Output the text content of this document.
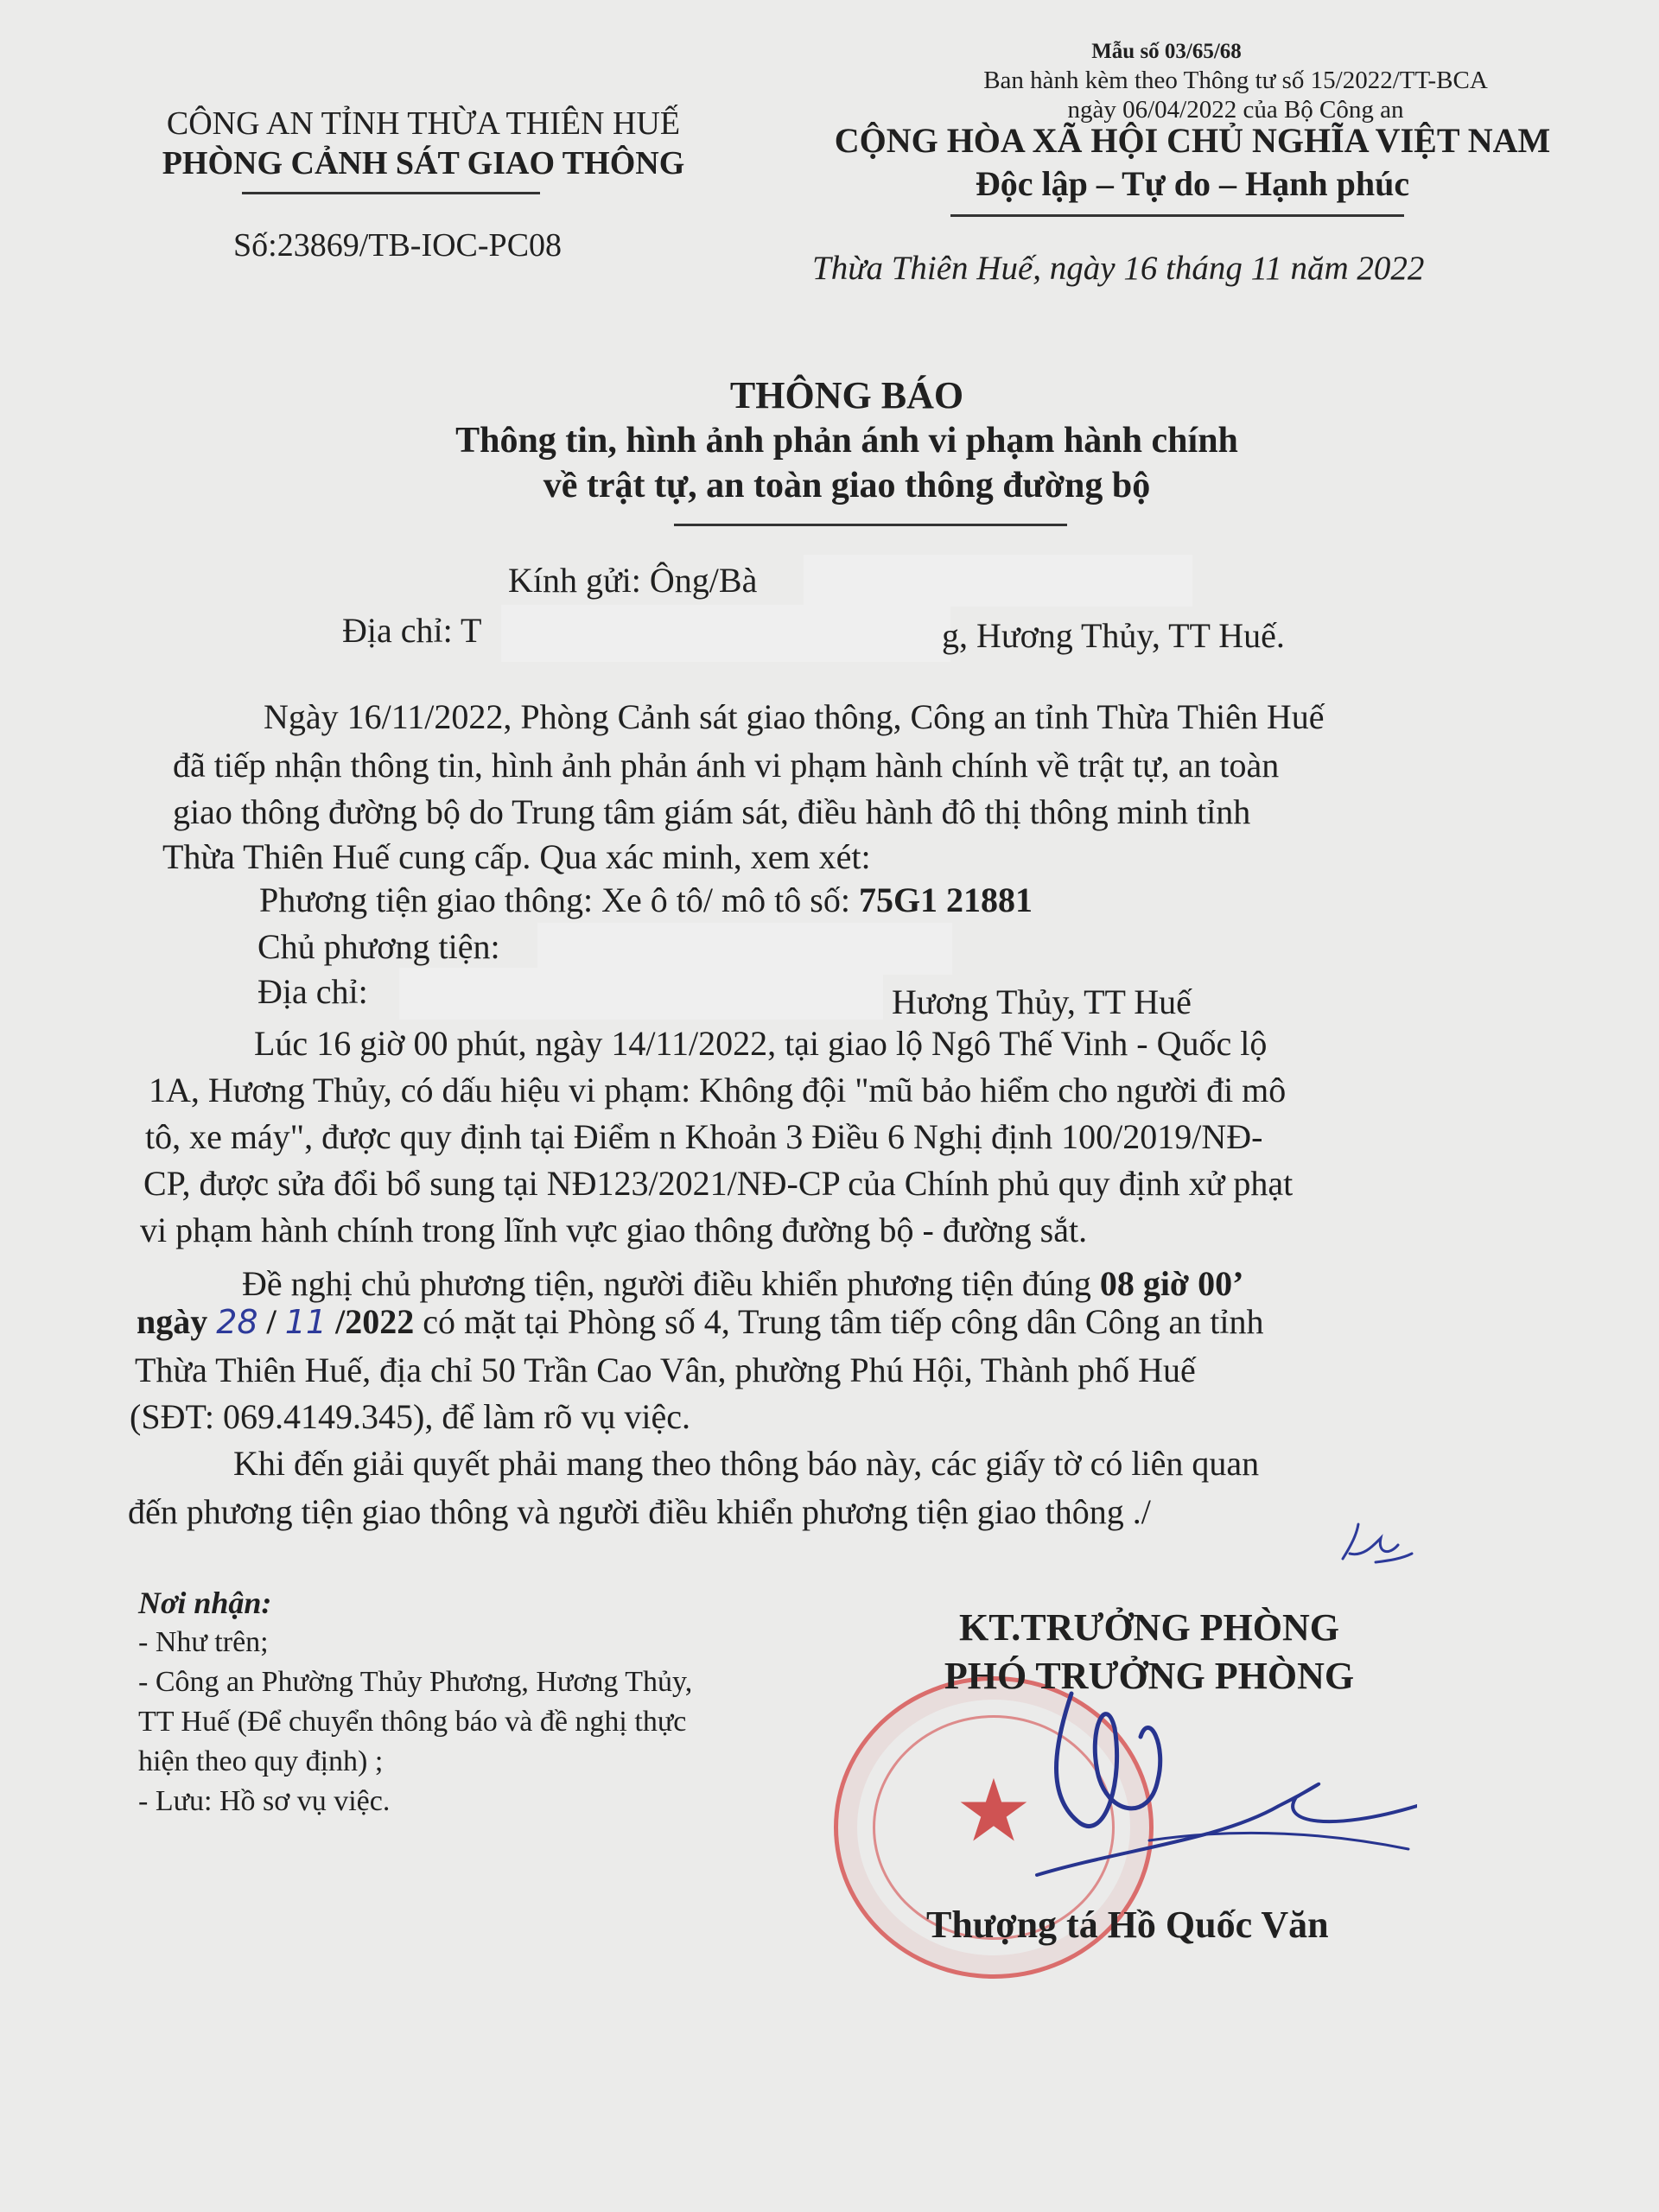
Mẫu số 03/65/68
Ban hành kèm theo Thông tư số 15/2022/TT-BCA
ngày 06/04/2022 của Bộ Công an
CÔNG AN TỈNH THỪA THIÊN HUẾ
PHÒNG CẢNH SÁT GIAO THÔNG
CỘNG HÒA XÃ HỘI CHỦ NGHĨA VIỆT NAM
Độc lập – Tự do – Hạnh phúc
Số:23869/TB-IOC-PC08
Thừa Thiên Huế, ngày 16 tháng 11 năm 2022
THÔNG BÁO
Thông tin, hình ảnh phản ánh vi phạm hành chính
về trật tự, an toàn giao thông đường bộ
Kính gửi: Ông/Bà
Địa chỉ: T	g, Hương Thủy, TT Huế.
Ngày 16/11/2022, Phòng Cảnh sát giao thông, Công an tỉnh Thừa Thiên Huế
đã tiếp nhận thông tin, hình ảnh phản ánh vi phạm hành chính về trật tự, an toàn
giao thông đường bộ do Trung tâm giám sát, điều hành đô thị thông minh tỉnh
Thừa Thiên Huế cung cấp. Qua xác minh, xem xét:
Phương tiện giao thông: Xe ô tô/ mô tô số: 75G1 21881
Chủ phương tiện:
Địa chỉ:	Hương Thủy, TT Huế
Lúc 16 giờ 00 phút, ngày 14/11/2022, tại giao lộ Ngô Thế Vinh - Quốc lộ
1A, Hương Thủy, có dấu hiệu vi phạm: Không đội "mũ bảo hiểm cho người đi mô
tô, xe máy", được quy định tại Điểm n Khoản 3 Điều 6 Nghị định 100/2019/NĐ-
CP, được sửa đổi bổ sung tại NĐ123/2021/NĐ-CP của Chính phủ quy định xử phạt
vi phạm hành chính trong lĩnh vực giao thông đường bộ - đường sắt.
Đề nghị chủ phương tiện, người điều khiển phương tiện đúng 08 giờ 00’
ngày 28 / 11 /2022 có mặt tại Phòng số 4, Trung tâm tiếp công dân Công an tỉnh
Thừa Thiên Huế, địa chỉ 50 Trần Cao Vân, phường Phú Hội, Thành phố Huế
(SĐT: 069.4149.345), để làm rõ vụ việc.
Khi đến giải quyết phải mang theo thông báo này, các giấy tờ có liên quan
đến phương tiện giao thông và người điều khiển phương tiện giao thông ./
Nơi nhận:
- Như trên;
- Công an Phường Thủy Phương, Hương Thủy,
TT Huế (Để chuyển thông báo và đề nghị thực
hiện theo quy định) ;
- Lưu: Hồ sơ vụ việc.	★
KT.TRƯỞNG PHÒNG
PHÓ TRƯỞNG PHÒNG
Thượng tá Hồ Quốc Văn
